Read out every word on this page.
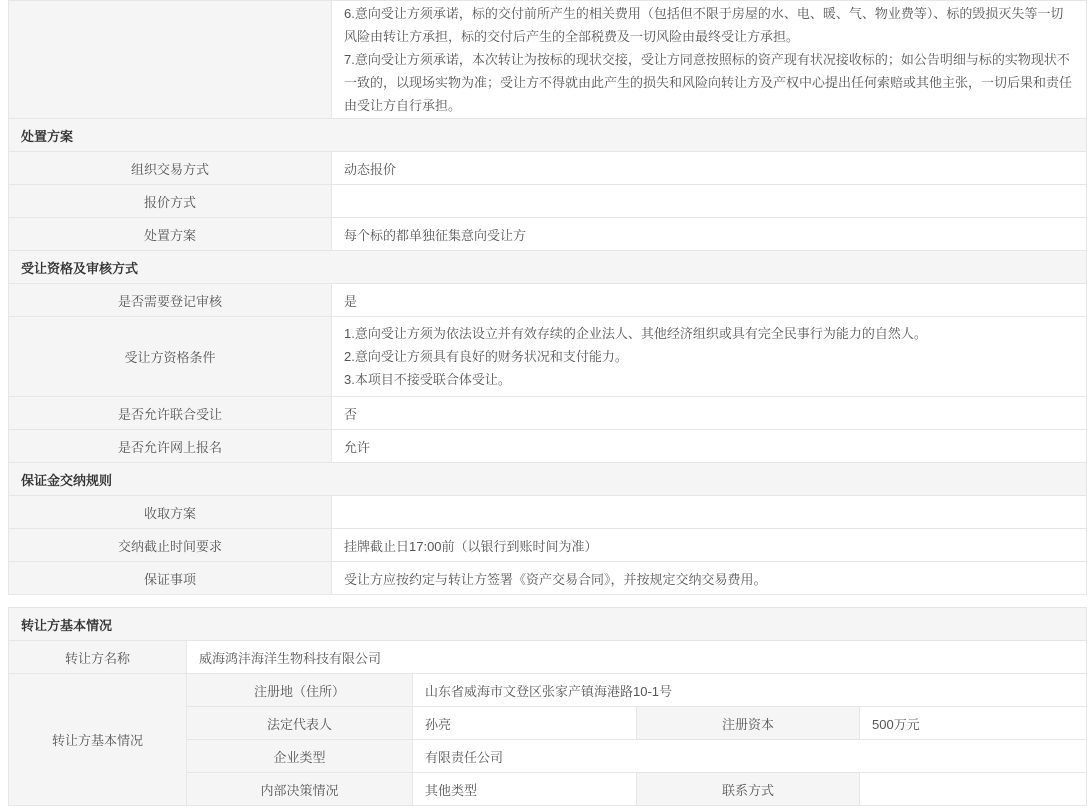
	6.意向受让方须承诺，标的交付前所产生的相关费用（包括但不限于房屋的水、电、暖、气、物业费等）、标的毁损灭失等一切风险由转让方承担，标的交付后产生的全部税费及一切风险由最终受让方承担。

7.意向受让方须承诺，本次转让为按标的现状交接，受让方同意按照标的资产现有状况接收标的；如公告明细与标的实物现状不一致的，以现场实物为准；受让方不得就由此产生的损失和风险向转让方及产权中心提出任何索赔或其他主张，一切后果和责任由受让方自行承担。

处置方案	
组织交易方式	动态报价
报价方式	
处置方案	每个标的都单独征集意向受让方
受让资格及审核方式	
是否需要登记审核	是
受让方资格条件	1.意向受让方须为依法设立并有效存续的企业法人、其他经济组织或具有完全民事行为能力的自然人。
2.意向受让方须具有良好的财务状况和支付能力。
3.本项目不接受联合体受让。

是否允许联合受让	否
是否允许网上报名	允许
保证金交纳规则	
收取方案	
交纳截止时间要求	挂牌截止日17:00前（以银行到账时间为准）
保证事项	受让方应按约定与转让方签署《资产交易合同》，并按规定交纳交易费用。
转让方基本情况				
转让方名称	威海鸿沣海洋生物科技有限公司			
转让方基本情况	注册地（住所）	山东省威海市文登区张家产镇海港路10-1号		
	法定代表人	孙亮	注册资本	500万元
	企业类型	有限责任公司		
	内部决策情况	其他类型	联系方式	
